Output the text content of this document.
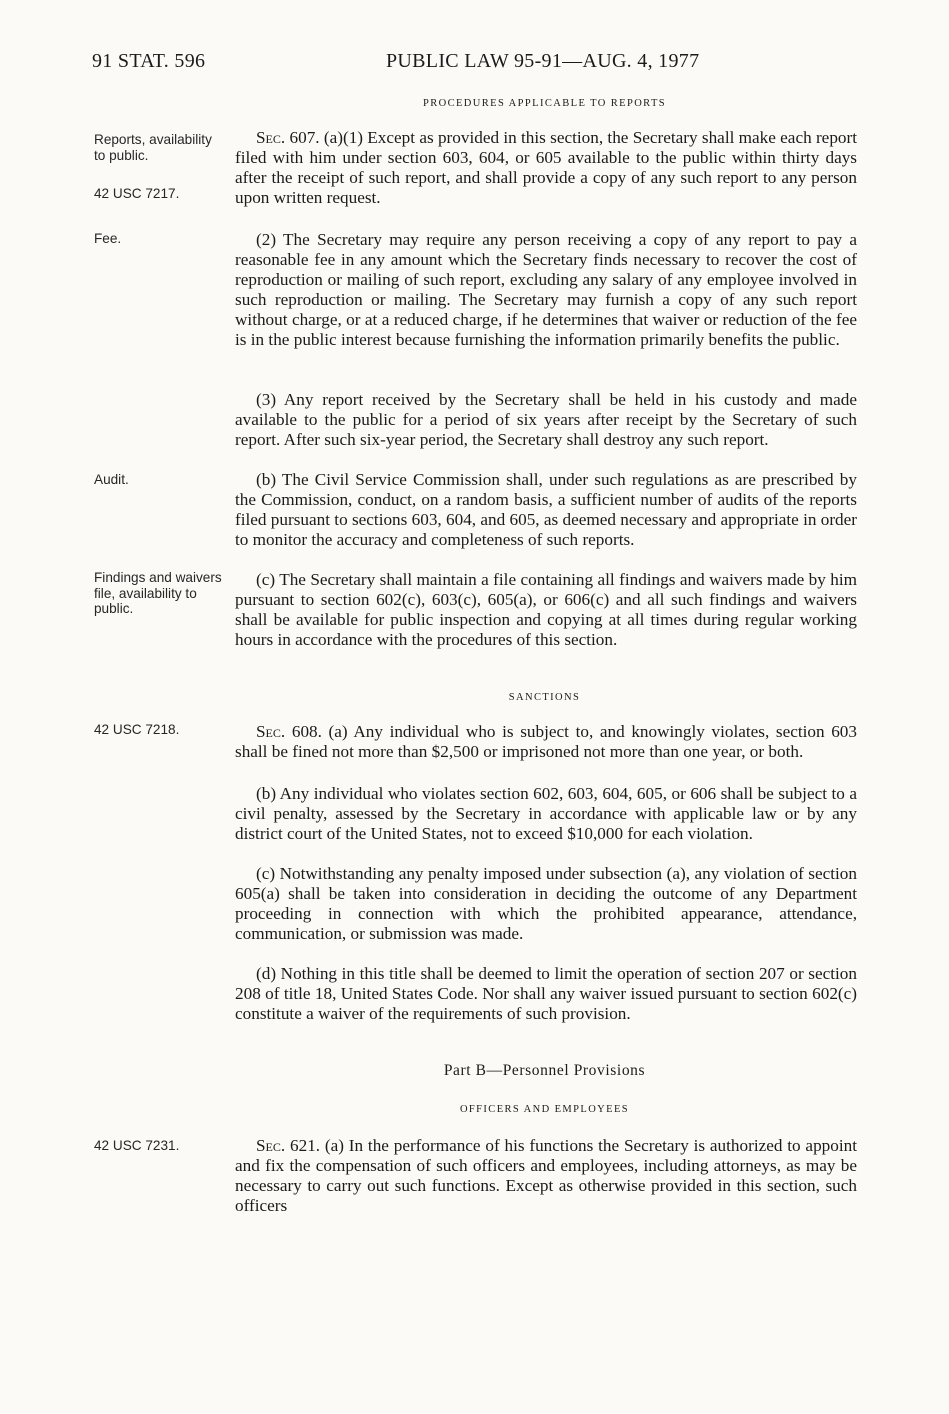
91 STAT. 596	PUBLIC LAW 95-91—AUG. 4, 1977
PROCEDURES APPLICABLE TO REPORTS
Reports, availability to public.
42 USC 7217.
Fee.
Audit.
Findings and waivers file, availability to public.
42 USC 7218.
42 USC 7231.

Sec. 607. (a)(1) Except as provided in this section, the Secretary shall make each report filed with him under section 603, 604, or 605 available to the public within thirty days after the receipt of such report, and shall provide a copy of any such report to any person upon written request.

(2) The Secretary may require any person receiving a copy of any report to pay a reasonable fee in any amount which the Secretary finds necessary to recover the cost of reproduction or mailing of such report, excluding any salary of any employee involved in such reproduction or mailing. The Secretary may furnish a copy of any such report without charge, or at a reduced charge, if he determines that waiver or reduction of the fee is in the public interest because furnishing the information primarily benefits the public.

(3) Any report received by the Secretary shall be held in his custody and made available to the public for a period of six years after receipt by the Secretary of such report. After such six-year period, the Secretary shall destroy any such report.

(b) The Civil Service Commission shall, under such regulations as are prescribed by the Commission, conduct, on a random basis, a sufficient number of audits of the reports filed pursuant to sections 603, 604, and 605, as deemed necessary and appropriate in order to monitor the accuracy and completeness of such reports.

(c) The Secretary shall maintain a file containing all findings and waivers made by him pursuant to section 602(c), 603(c), 605(a), or 606(c) and all such findings and waivers shall be available for public inspection and copying at all times during regular working hours in accordance with the procedures of this section.

SANCTIONS

Sec. 608. (a) Any individual who is subject to, and knowingly violates, section 603 shall be fined not more than $2,500 or imprisoned not more than one year, or both.

(b) Any individual who violates section 602, 603, 604, 605, or 606 shall be subject to a civil penalty, assessed by the Secretary in accordance with applicable law or by any district court of the United States, not to exceed $10,000 for each violation.

(c) Notwithstanding any penalty imposed under subsection (a), any violation of section 605(a) shall be taken into consideration in deciding the outcome of any Department proceeding in connection with which the prohibited appearance, attendance, communication, or submission was made.

(d) Nothing in this title shall be deemed to limit the operation of section 207 or section 208 of title 18, United States Code. Nor shall any waiver issued pursuant to section 602(c) constitute a waiver of the requirements of such provision.

Part B—Personnel Provisions
OFFICERS AND EMPLOYEES

Sec. 621. (a) In the performance of his functions the Secretary is authorized to appoint and fix the compensation of such officers and employees, including attorneys, as may be necessary to carry out such functions. Except as otherwise provided in this section, such officers
